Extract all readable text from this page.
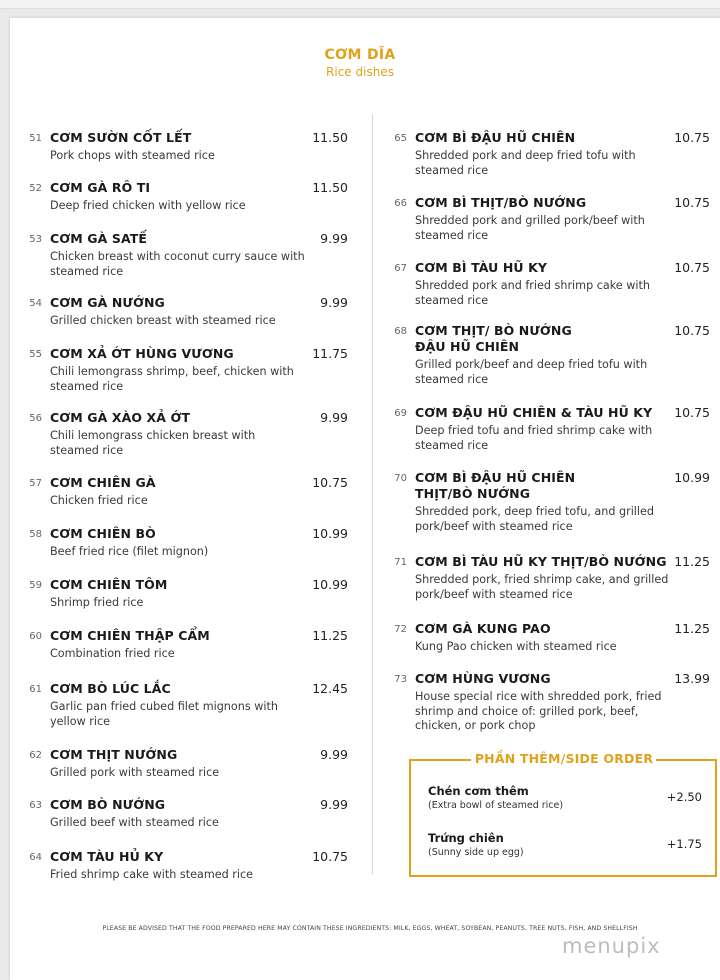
CƠM DĨA
Rice dishes
51 CƠM SƯỜN CỐT LẾT	11.50
Pork chops with steamed rice
52 CƠM GÀ RÔ TI	11.50
Deep fried chicken with yellow rice
53 CƠM GÀ SATẾ	9.99
Chicken breast with coconut curry sauce with steamed rice
54 CƠM GÀ NƯỚNG	9.99
Grilled chicken breast with steamed rice
55 CƠM XẢ ỚT HÙNG VƯƠNG	11.75
Chili lemongrass shrimp, beef, chicken with steamed rice
56 CƠM GÀ XÀO XẢ ỚT	9.99
Chili lemongrass chicken breast with steamed rice
57 CƠM CHIÊN GÀ	10.75
Chicken fried rice
58 CƠM CHIÊN BÒ	10.99
Beef fried rice (filet mignon)
59 CƠM CHIÊN TÔM	10.99
Shrimp fried rice
60 CƠM CHIÊN THẬP CẨM	11.25
Combination fried rice
61 CƠM BÒ LÚC LẮC	12.45
Garlic pan fried cubed filet mignons with yellow rice
62 CƠM THỊT NƯỚNG	9.99
Grilled pork with steamed rice
63 CƠM BÒ NƯỚNG	9.99
Grilled beef with steamed rice
64 CƠM TÀU HỦ KY	10.75
Fried shrimp cake with steamed rice
65 CƠM BÌ ĐẬU HŨ CHIÊN	10.75
Shredded pork and deep fried tofu with steamed rice
66 CƠM BÌ THỊT/BÒ NƯỚNG	10.75
Shredded pork and grilled pork/beef with steamed rice
67 CƠM BÌ TÀU HŨ KY	10.75
Shredded pork and fried shrimp cake with steamed rice
68 CƠM THỊT/ BÒ NƯỚNG ĐẬU HŨ CHIÊN
10.75
Grilled pork/beef and deep fried tofu with steamed rice
69 CƠM ĐẬU HŨ CHIÊN & TÀU HŨ KY	10.75
Deep fried tofu and fried shrimp cake with steamed rice
70 CƠM BÌ ĐẬU HŨ CHIÊN THỊT/BÒ NƯỚNG
10.99
Shredded pork, deep fried tofu, and grilled pork/beef with steamed rice
71 CƠM BÌ TÀU HŨ KY THỊT/BÒ NƯỚNG 11.25
Shredded pork, fried shrimp cake, and grilled pork/beef with steamed rice
72 CƠM GÀ KUNG PAO	11.25
Kung Pao chicken with steamed rice
73 CƠM HÙNG VƯƠNG	13.99
House special rice with shredded pork, fried shrimp and choice of: grilled pork, beef, chicken, or pork chop
PHẦN THÊM/SIDE ORDER
Chén cơm thêm
(Extra bowl of steamed rice)
+2.50
Trứng chiên
(Sunny side up egg)
+1.75
PLEASE BE ADVISED THAT THE FOOD PREPARED HERE MAY CONTAIN THESE INGREDIENTS: MILK, EGGS, WHEAT, SOYBEAN, PEANUTS, TREE NUTS, FISH, AND SHELLFISH
menupix
